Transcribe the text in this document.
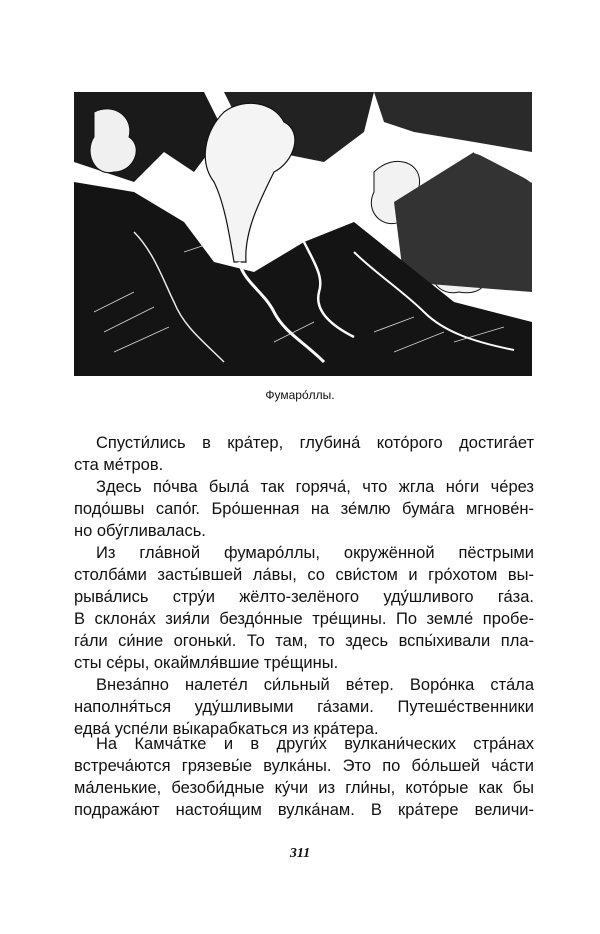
Фумаро́ллы.

Спусти́лись в кра́тер, глубина́ кото́рого достига́ет
ста ме́тров.

Здесь по́чва была́ так горяча́, что жгла но́ги че́рез
подо́швы сапо́г. Бро́шенная на зе́млю бума́га мгнове́н-
но обу́гливалась.

Из гла́вной фумаро́ллы, окружённой пёстрыми
столба́ми засты́вшей ла́вы, со сви́стом и гро́хотом вы-
рыва́лись стру́и жёлто-зелёного уду́шливого га́за.
В склона́х зия́ли бездо́нные тре́щины. По земле́ пробе-
га́ли си́ние огоньки́. То там, то здесь вспы́хивали пла-
сты се́ры, окаймля́вшие тре́щины.

Внеза́пно налете́л си́льный ве́тер. Воро́нка ста́ла
наполня́ться уду́шливыми га́зами. Путеше́ственники
едва́ успе́ли вы́карабкаться из кра́тера.

На Камча́тке и в други́х вулкани́ческих стра́нах
встреча́ются грязевы́е вулка́ны. Это по бо́льшей ча́сти
ма́ленькие, безоби́дные ку́чи из гли́ны, кото́рые как бы
подража́ют настоя́щим вулка́нам. В кра́тере величи-

311
